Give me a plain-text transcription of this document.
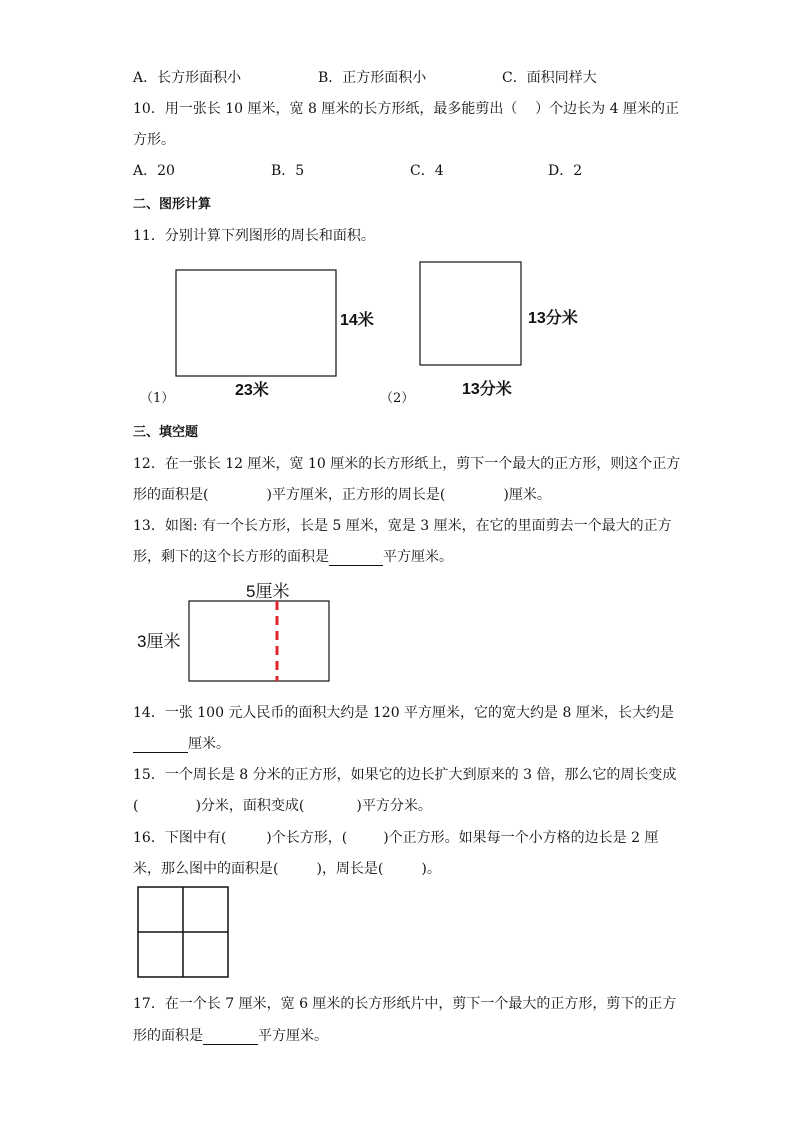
A．长方形面积小	B．正方形面积小	C．面积同样大
10．用一张长 10 厘米，宽 8 厘米的长方形纸，最多能剪出（    ）个边长为 4 厘米的正
方形。
A．20	B．5	C．4	D．2
二、图形计算
11．分别计算下列图形的周长和面积。
14米
23米
（1）
13分米
13分米
（2）
三、填空题
12．在一张长 12 厘米，宽 10 厘米的长方形纸上，剪下一个最大的正方形，则这个正方
形的面积是(	)平方厘米，正方形的周长是(	)厘米。
13．如图: 有一个长方形，长是 5 厘米，宽是 3 厘米，在它的里面剪去一个最大的正方
形，剩下的这个长方形的面积是	平方厘米。
5厘米
3厘米
14．一张 100 元人民币的面积大约是 120 平方厘米，它的宽大约是 8 厘米，长大约是
厘米。
15．一个周长是 8 分米的正方形，如果它的边长扩大到原来的 3 倍，那么它的周长变成
(	)分米，面积变成(	)平方分米。
16．下图中有(	)个长方形，(	)个正方形。如果每一个小方格的边长是 2 厘
米，那么图中的面积是(	)，周长是(	)。
17．在一个长 7 厘米，宽 6 厘米的长方形纸片中，剪下一个最大的正方形，剪下的正方
形的面积是	平方厘米。
